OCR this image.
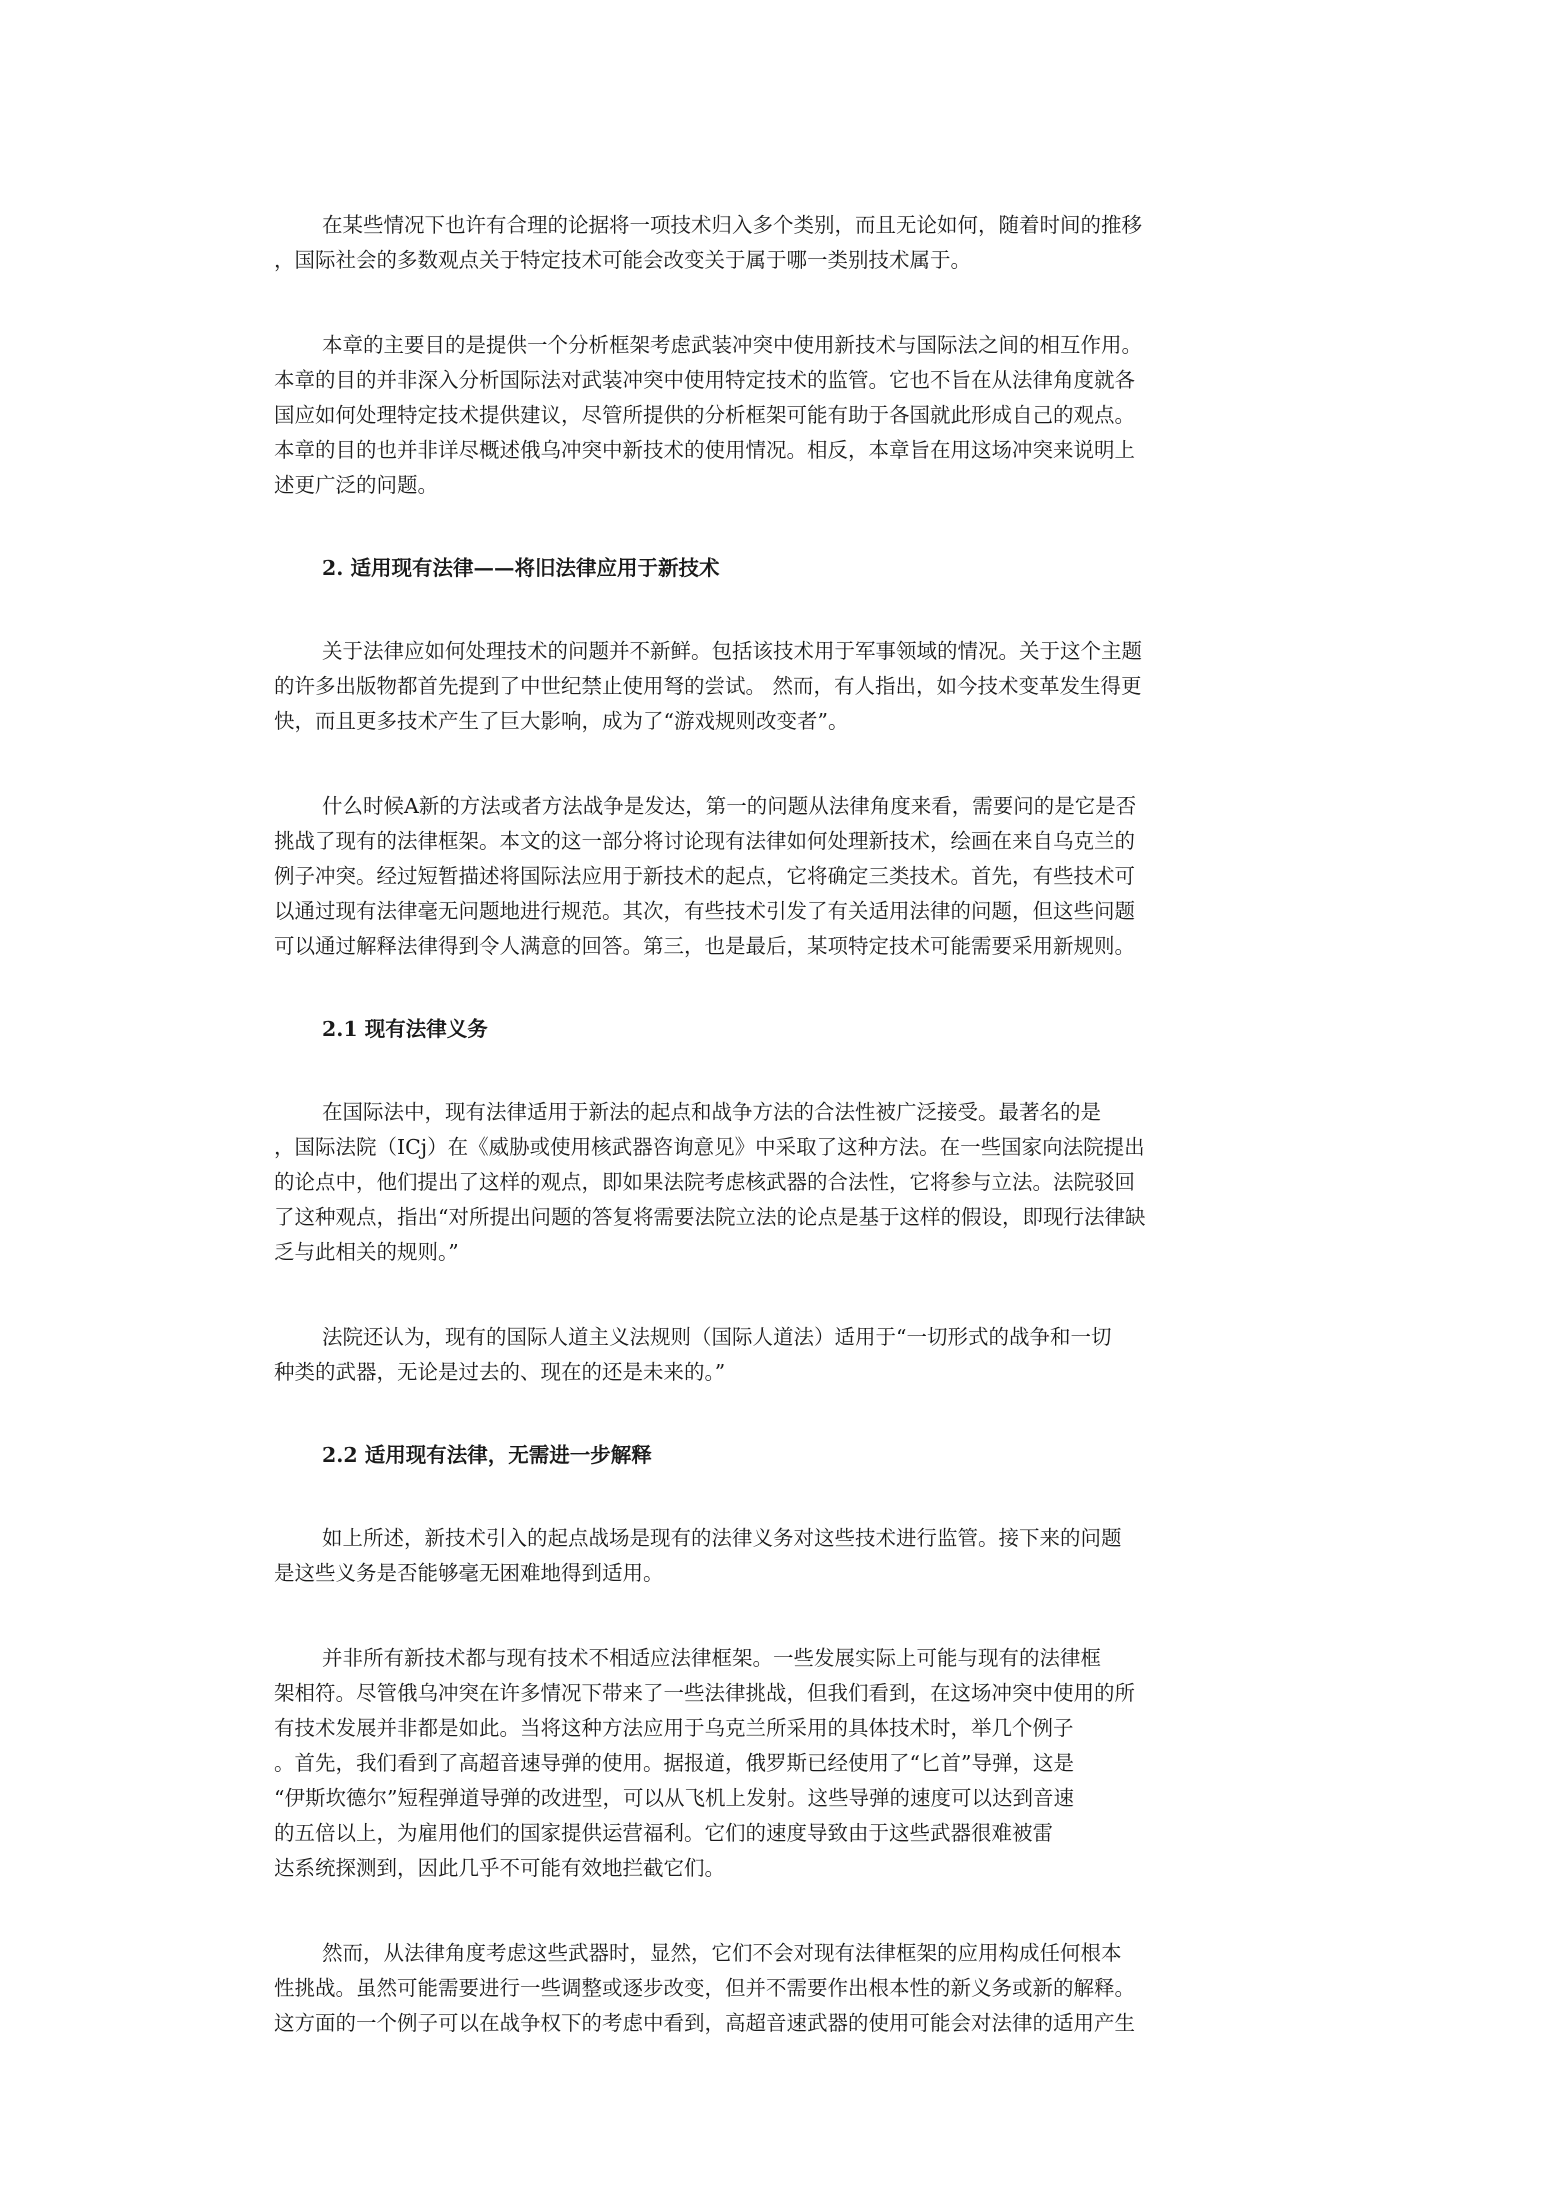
在某些情况下也许有合理的论据将一项技术归入多个类别，而且无论如何，随着时间的推移
，国际社会的多数观点关于特定技术可能会改变关于属于哪一类别技术属于。

本章的主要目的是提供一个分析框架考虑武装冲突中使用新技术与国际法之间的相互作用。
本章的目的并非深入分析国际法对武装冲突中使用特定技术的监管。它也不旨在从法律角度就各
国应如何处理特定技术提供建议，尽管所提供的分析框架可能有助于各国就此形成自己的观点。
本章的目的也并非详尽概述俄乌冲突中新技术的使用情况。相反，本章旨在用这场冲突来说明上
述更广泛的问题。

2. 适用现有法律——将旧法律应用于新技术

关于法律应如何处理技术的问题并不新鲜。包括该技术用于军事领域的情况。关于这个主题
的许多出版物都首先提到了中世纪禁止使用弩的尝试。 然而，有人指出，如今技术变革发生得更
快，而且更多技术产生了巨大影响，成为了“游戏规则改变者”。

什么时候A新的方法或者方法战争是发达，第一的问题从法律角度来看，需要问的是它是否
挑战了现有的法律框架。本文的这一部分将讨论现有法律如何处理新技术，绘画在来自乌克兰的
例子冲突。经过短暂描述将国际法应用于新技术的起点，它将确定三类技术。首先，有些技术可
以通过现有法律毫无问题地进行规范。其次，有些技术引发了有关适用法律的问题，但这些问题
可以通过解释法律得到令人满意的回答。第三，也是最后，某项特定技术可能需要采用新规则。

2.1 现有法律义务

在国际法中，现有法律适用于新法的起点和战争方法的合法性被广泛接受。最著名的是
，国际法院（ICj）在《威胁或使用核武器咨询意见》中采取了这种方法。在一些国家向法院提出
的论点中，他们提出了这样的观点，即如果法院考虑核武器的合法性，它将参与立法。法院驳回
了这种观点，指出“对所提出问题的答复将需要法院立法的论点是基于这样的假设，即现行法律缺
乏与此相关的规则。”

法院还认为，现有的国际人道主义法规则（国际人道法）适用于“一切形式的战争和一切
种类的武器，无论是过去的、现在的还是未来的。”

2.2 适用现有法律，无需进一步解释

如上所述，新技术引入的起点战场是现有的法律义务对这些技术进行监管。接下来的问题
是这些义务是否能够毫无困难地得到适用。

并非所有新技术都与现有技术不相适应法律框架。一些发展实际上可能与现有的法律框
架相符。尽管俄乌冲突在许多情况下带来了一些法律挑战，但我们看到，在这场冲突中使用的所
有技术发展并非都是如此。当将这种方法应用于乌克兰所采用的具体技术时，举几个例子
。首先，我们看到了高超音速导弹的使用。据报道，俄罗斯已经使用了“匕首”导弹，这是
“伊斯坎德尔”短程弹道导弹的改进型，可以从飞机上发射。这些导弹的速度可以达到音速
的五倍以上，为雇用他们的国家提供运营福利。它们的速度导致由于这些武器很难被雷
达系统探测到，因此几乎不可能有效地拦截它们。

然而，从法律角度考虑这些武器时，显然，它们不会对现有法律框架的应用构成任何根本
性挑战。虽然可能需要进行一些调整或逐步改变，但并不需要作出根本性的新义务或新的解释。
这方面的一个例子可以在战争权下的考虑中看到，高超音速武器的使用可能会对法律的适用产生
